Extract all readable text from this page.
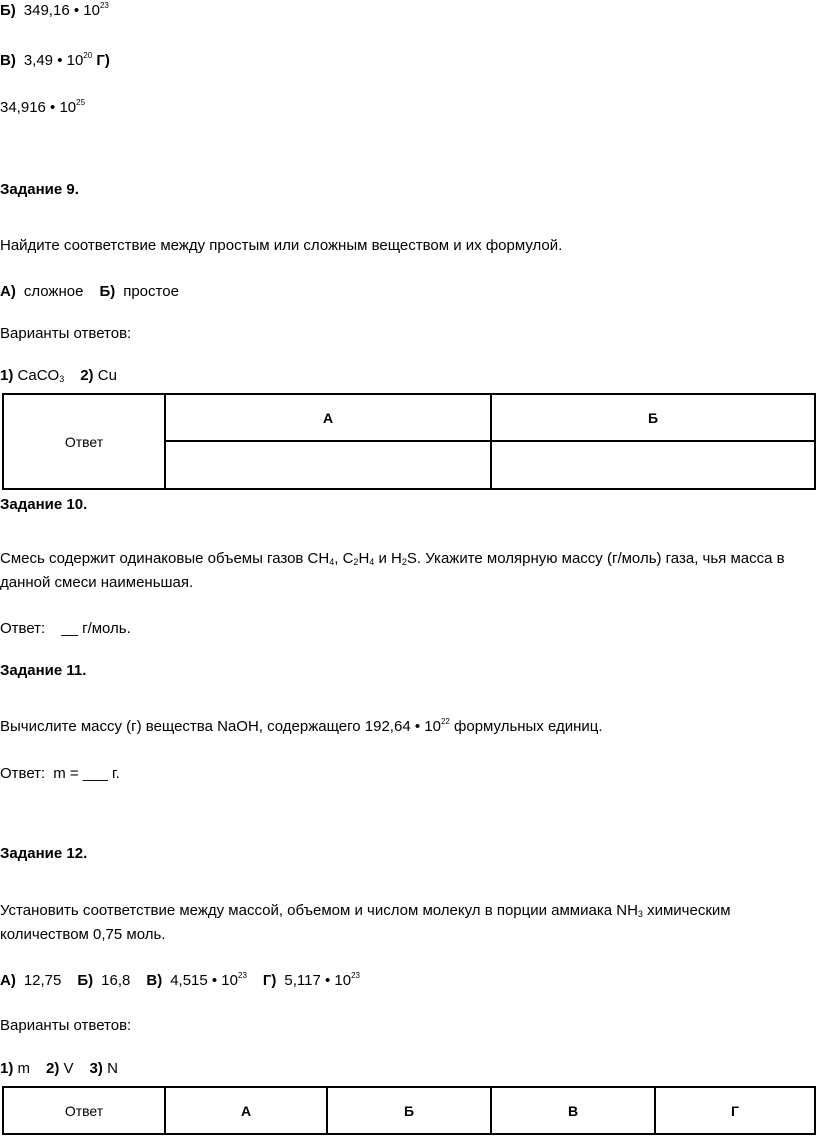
Б) 349,16 • $10^{23}$
В) 3,49 • $10^{20}$ Г)
34,916 • $10^{25}$
Задание 9.
Найдите соответствие между простым или сложным веществом и их формулой.
А) сложное Б) простое
Варианты ответов:
1) CaCO$_3$ 2) Cu
Ответ	А	Б

Задание 10.
Смесь содержит одинаковые объемы газов $CH_4$, $C_2H_4$ и $H_2S$. Укажите молярную массу (г/моль) газа, чья масса в данной смеси наименьшая.
Ответ: __ г/моль.
Задание 11.
Вычислите массу (г) вещества NaOH, содержащего 192,64 • $10^{22}$ формульных единиц.
Ответ: m = ___ г.
Задание 12.
Установить соответствие между массой, объемом и числом молекул в порции аммиака $NH_3$ химическим количеством 0,75 моль.
А) 12,75 Б) 16,8 В) 4,515 • $10^{23}$ Г) 5,117 • $10^{23}$
Варианты ответов:
1) m 2) V 3) N
Ответ	А	Б	В	Г
